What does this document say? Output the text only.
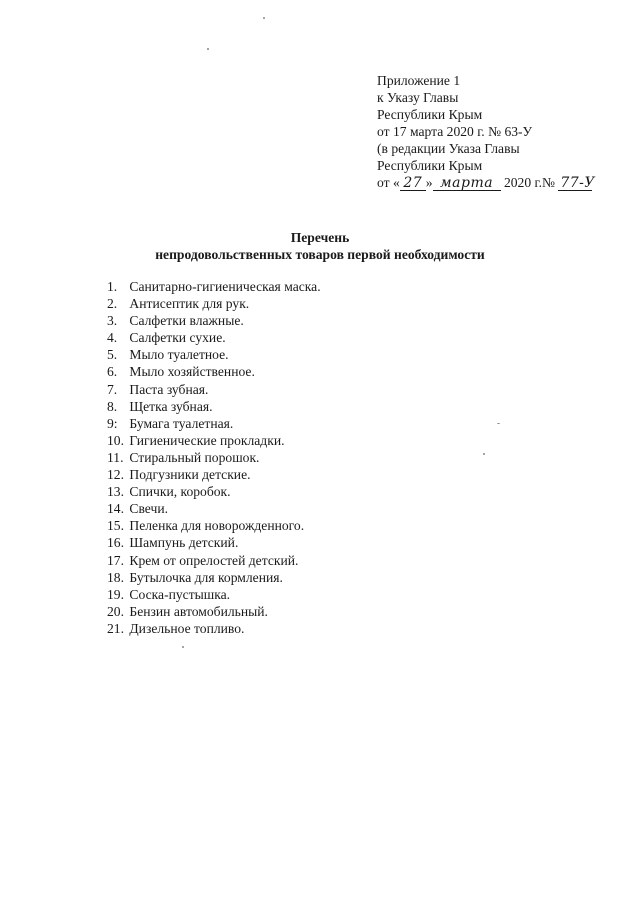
Приложение 1
к Указу Главы
Республики Крым
от 17 марта 2020 г. № 63-У
(в редакции Указа Главы
Республики Крым
от « 27 » марта 2020 г.№ 77-У
Перечень
непродовольственных товаров первой необходимости
1. Санитарно-гигиеническая маска.
2. Антисептик для рук.
3. Салфетки влажные.
4. Салфетки сухие.
5. Мыло туалетное.
6. Мыло хозяйственное.
7. Паста зубная.
8. Щетка зубная.
9: Бумага туалетная.
10. Гигиенические прокладки.
11. Стиральный порошок.
12. Подгузники детские.
13. Спички, коробок.
14. Свечи.
15. Пеленка для новорожденного.
16. Шампунь детский.
17. Крем от опрелостей детский.
18. Бутылочка для кормления.
19. Соска-пустышка.
20. Бензин автомобильный.
21. Дизельное топливо.
